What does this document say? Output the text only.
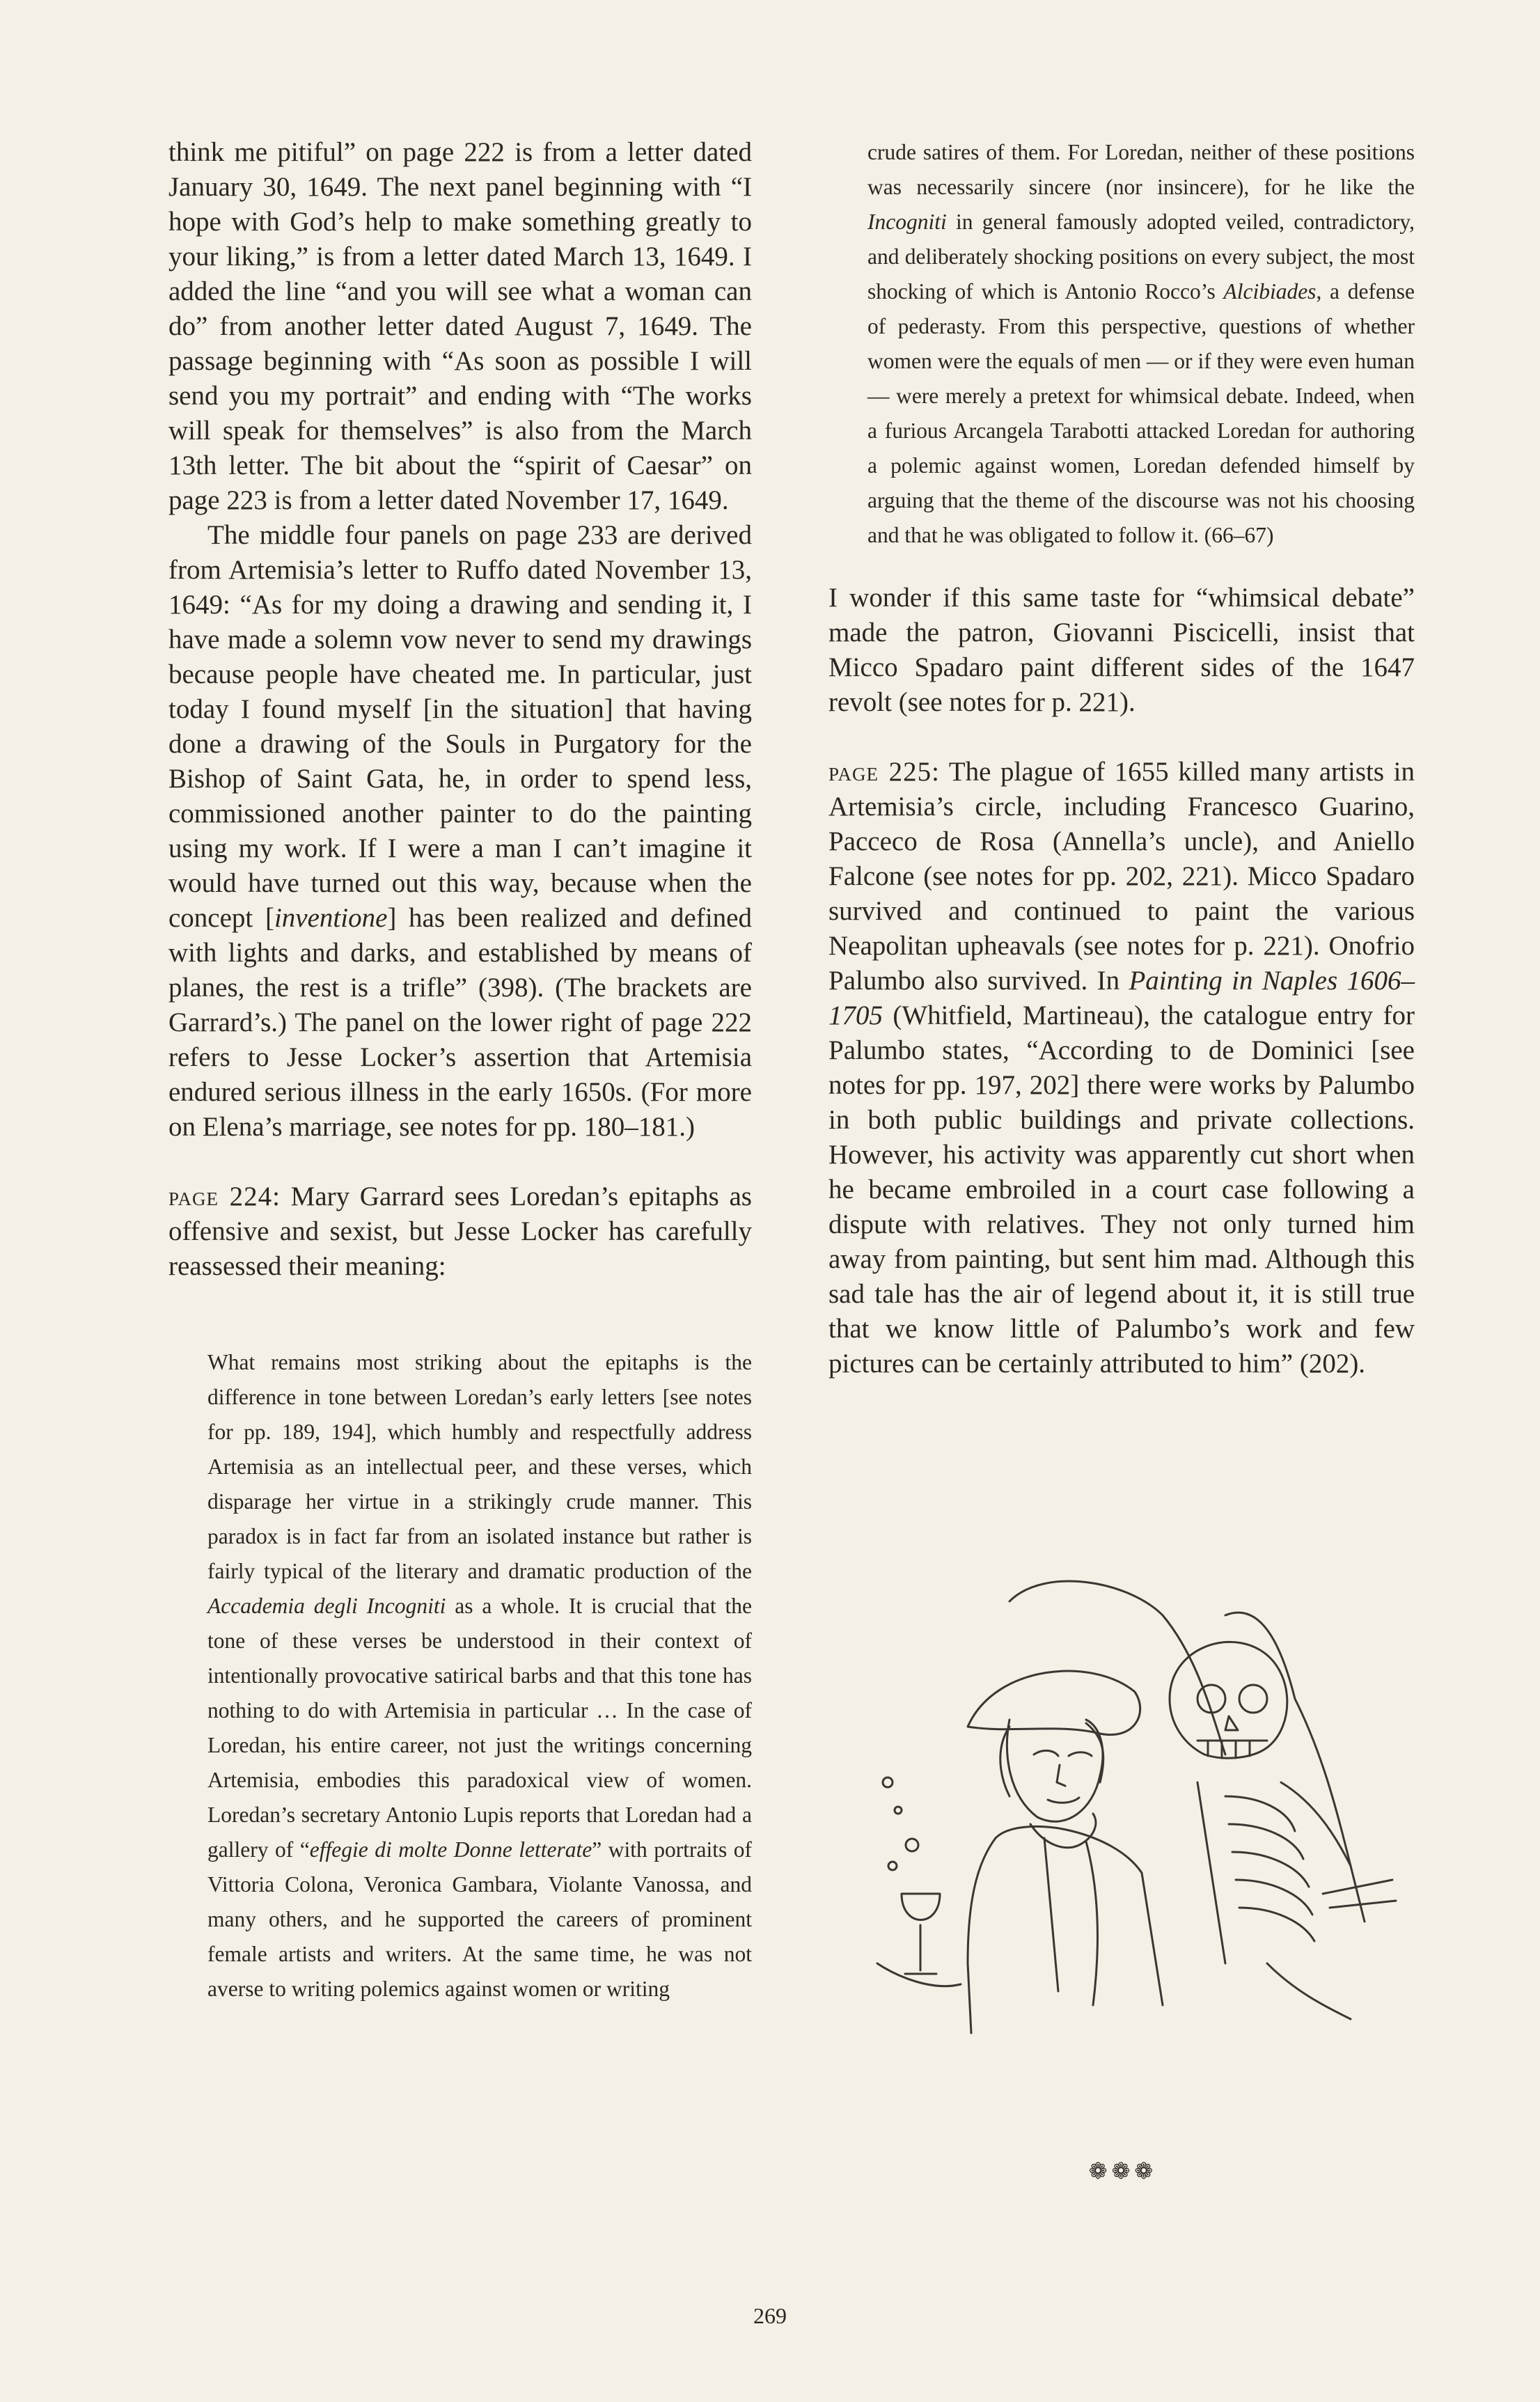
think me pitiful” on page 222 is from a letter dated January 30, 1649. The next panel beginning with “I hope with God’s help to make something greatly to your liking,” is from a letter dated March 13, 1649. I added the line “and you will see what a woman can do” from another letter dated August 7, 1649. The passage beginning with “As soon as possible I will send you my portrait” and ending with “The works will speak for themselves” is also from the March 13th letter. The bit about the “spirit of Caesar” on page 223 is from a letter dated November 17, 1649.

The middle four panels on page 233 are derived from Artemisia’s letter to Ruffo dated November 13, 1649: “As for my doing a drawing and sending it, I have made a solemn vow never to send my drawings because people have cheated me. In particular, just today I found myself [in the situation] that having done a drawing of the Souls in Purgatory for the Bishop of Saint Gata, he, in order to spend less, commissioned another painter to do the painting using my work. If I were a man I can’t imagine it would have turned out this way, because when the concept [inventione] has been realized and defined with lights and darks, and established by means of planes, the rest is a trifle” (398). (The brackets are Garrard’s.) The panel on the lower right of page 222 refers to Jesse Locker’s assertion that Artemisia endured serious illness in the early 1650s. (For more on Elena’s marriage, see notes for pp. 180–181.)

page 224: Mary Garrard sees Loredan’s epitaphs as offensive and sexist, but Jesse Locker has carefully reassessed their meaning:

What remains most striking about the epitaphs is the difference in tone between Loredan’s early letters [see notes for pp. 189, 194], which humbly and respectfully address Artemisia as an intellectual peer, and these verses, which disparage her virtue in a strikingly crude manner. This paradox is in fact far from an isolated instance but rather is fairly typical of the literary and dramatic production of the Accademia degli Incogniti as a whole. It is crucial that the tone of these verses be understood in their context of intentionally provocative satirical barbs and that this tone has nothing to do with Artemisia in particular … In the case of Loredan, his entire career, not just the writings concerning Artemisia, embodies this paradoxical view of women. Loredan’s secretary Antonio Lupis reports that Loredan had a gallery of “effegie di molte Donne letterate” with portraits of Vittoria Colona, Veronica Gambara, Violante Vanossa, and many others, and he supported the careers of prominent female artists and writers. At the same time, he was not averse to writing polemics against women or writing

crude satires of them. For Loredan, neither of these positions was necessarily sincere (nor insincere), for he like the Incogniti in general famously adopted veiled, contradictory, and deliberately shocking positions on every subject, the most shocking of which is Antonio Rocco’s Alcibiades, a defense of pederasty. From this perspective, questions of whether women were the equals of men — or if they were even human — were merely a pretext for whimsical debate. Indeed, when a furious Arcangela Tarabotti attacked Loredan for authoring a polemic against women, Loredan defended himself by arguing that the theme of the discourse was not his choosing and that he was obligated to follow it. (66–67)

I wonder if this same taste for “whimsical debate” made the patron, Giovanni Piscicelli, insist that Micco Spadaro paint different sides of the 1647 revolt (see notes for p. 221).

page 225: The plague of 1655 killed many artists in Artemisia’s circle, including Francesco Guarino, Pacceco de Rosa (Annella’s uncle), and Aniello Falcone (see notes for pp. 202, 221). Micco Spadaro survived and continued to paint the various Neapolitan upheavals (see notes for p. 221). Onofrio Palumbo also survived. In Painting in Naples 1606–1705 (Whitfield, Martineau), the catalogue entry for Palumbo states, “According to de Dominici [see notes for pp. 197, 202] there were works by Palumbo in both public buildings and private collections. However, his activity was apparently cut short when he became embroiled in a court case following a dispute with relatives. They not only turned him away from painting, but sent him mad. Although this sad tale has the air of legend about it, it is still true that we know little of Palumbo’s work and few pictures can be certainly attributed to him” (202).

❁ ❁ ❁
269
